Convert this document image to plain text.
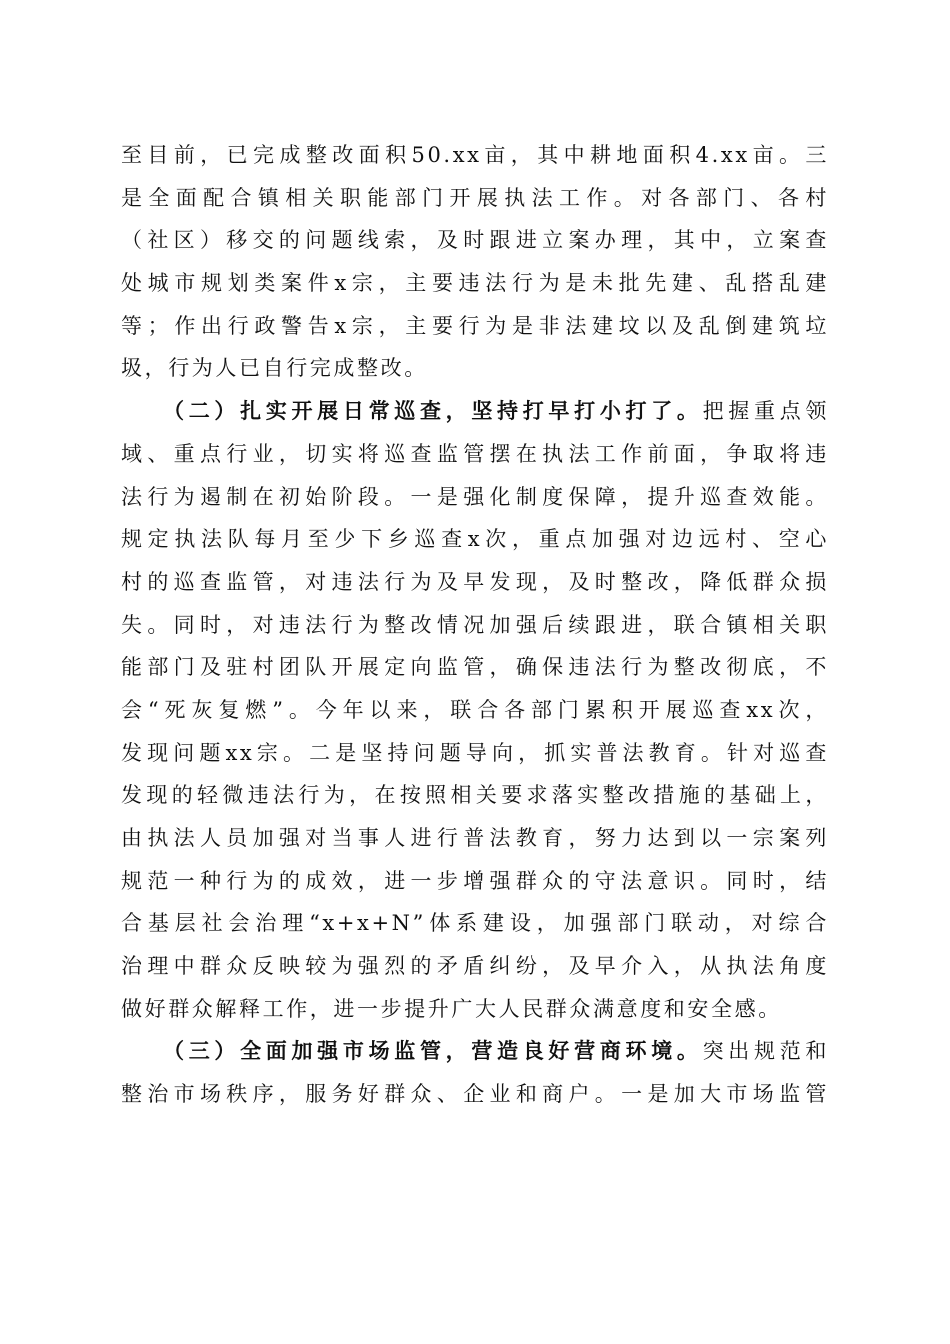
至目前，已完成整改面积50.xx亩，其中耕地面积4.xx亩。三
是全面配合镇相关职能部门开展执法工作。对各部门、各村
（社区）移交的问题线索，及时跟进立案办理，其中，立案查
处城市规划类案件x宗，主要违法行为是未批先建、乱搭乱建
等；作出行政警告x宗，主要行为是非法建坟以及乱倒建筑垃
圾，行为人已自行完成整改。
（二）扎实开展日常巡查，坚持打早打小打了。把握重点领
域、重点行业，切实将巡查监管摆在执法工作前面，争取将违
法行为遏制在初始阶段。一是强化制度保障，提升巡查效能。
规定执法队每月至少下乡巡查x次，重点加强对边远村、空心
村的巡查监管，对违法行为及早发现，及时整改，降低群众损
失。同时，对违法行为整改情况加强后续跟进，联合镇相关职
能部门及驻村团队开展定向监管，确保违法行为整改彻底，不
会“死灰复燃”。今年以来，联合各部门累积开展巡查xx次，
发现问题xx宗。二是坚持问题导向，抓实普法教育。针对巡查
发现的轻微违法行为，在按照相关要求落实整改措施的基础上，
由执法人员加强对当事人进行普法教育，努力达到以一宗案列
规范一种行为的成效，进一步增强群众的守法意识。同时，结
合基层社会治理“x+x+N”体系建设，加强部门联动，对综合
治理中群众反映较为强烈的矛盾纠纷，及早介入，从执法角度
做好群众解释工作，进一步提升广大人民群众满意度和安全感。
（三）全面加强市场监管，营造良好营商环境。突出规范和
整治市场秩序，服务好群众、企业和商户。一是加大市场监管
